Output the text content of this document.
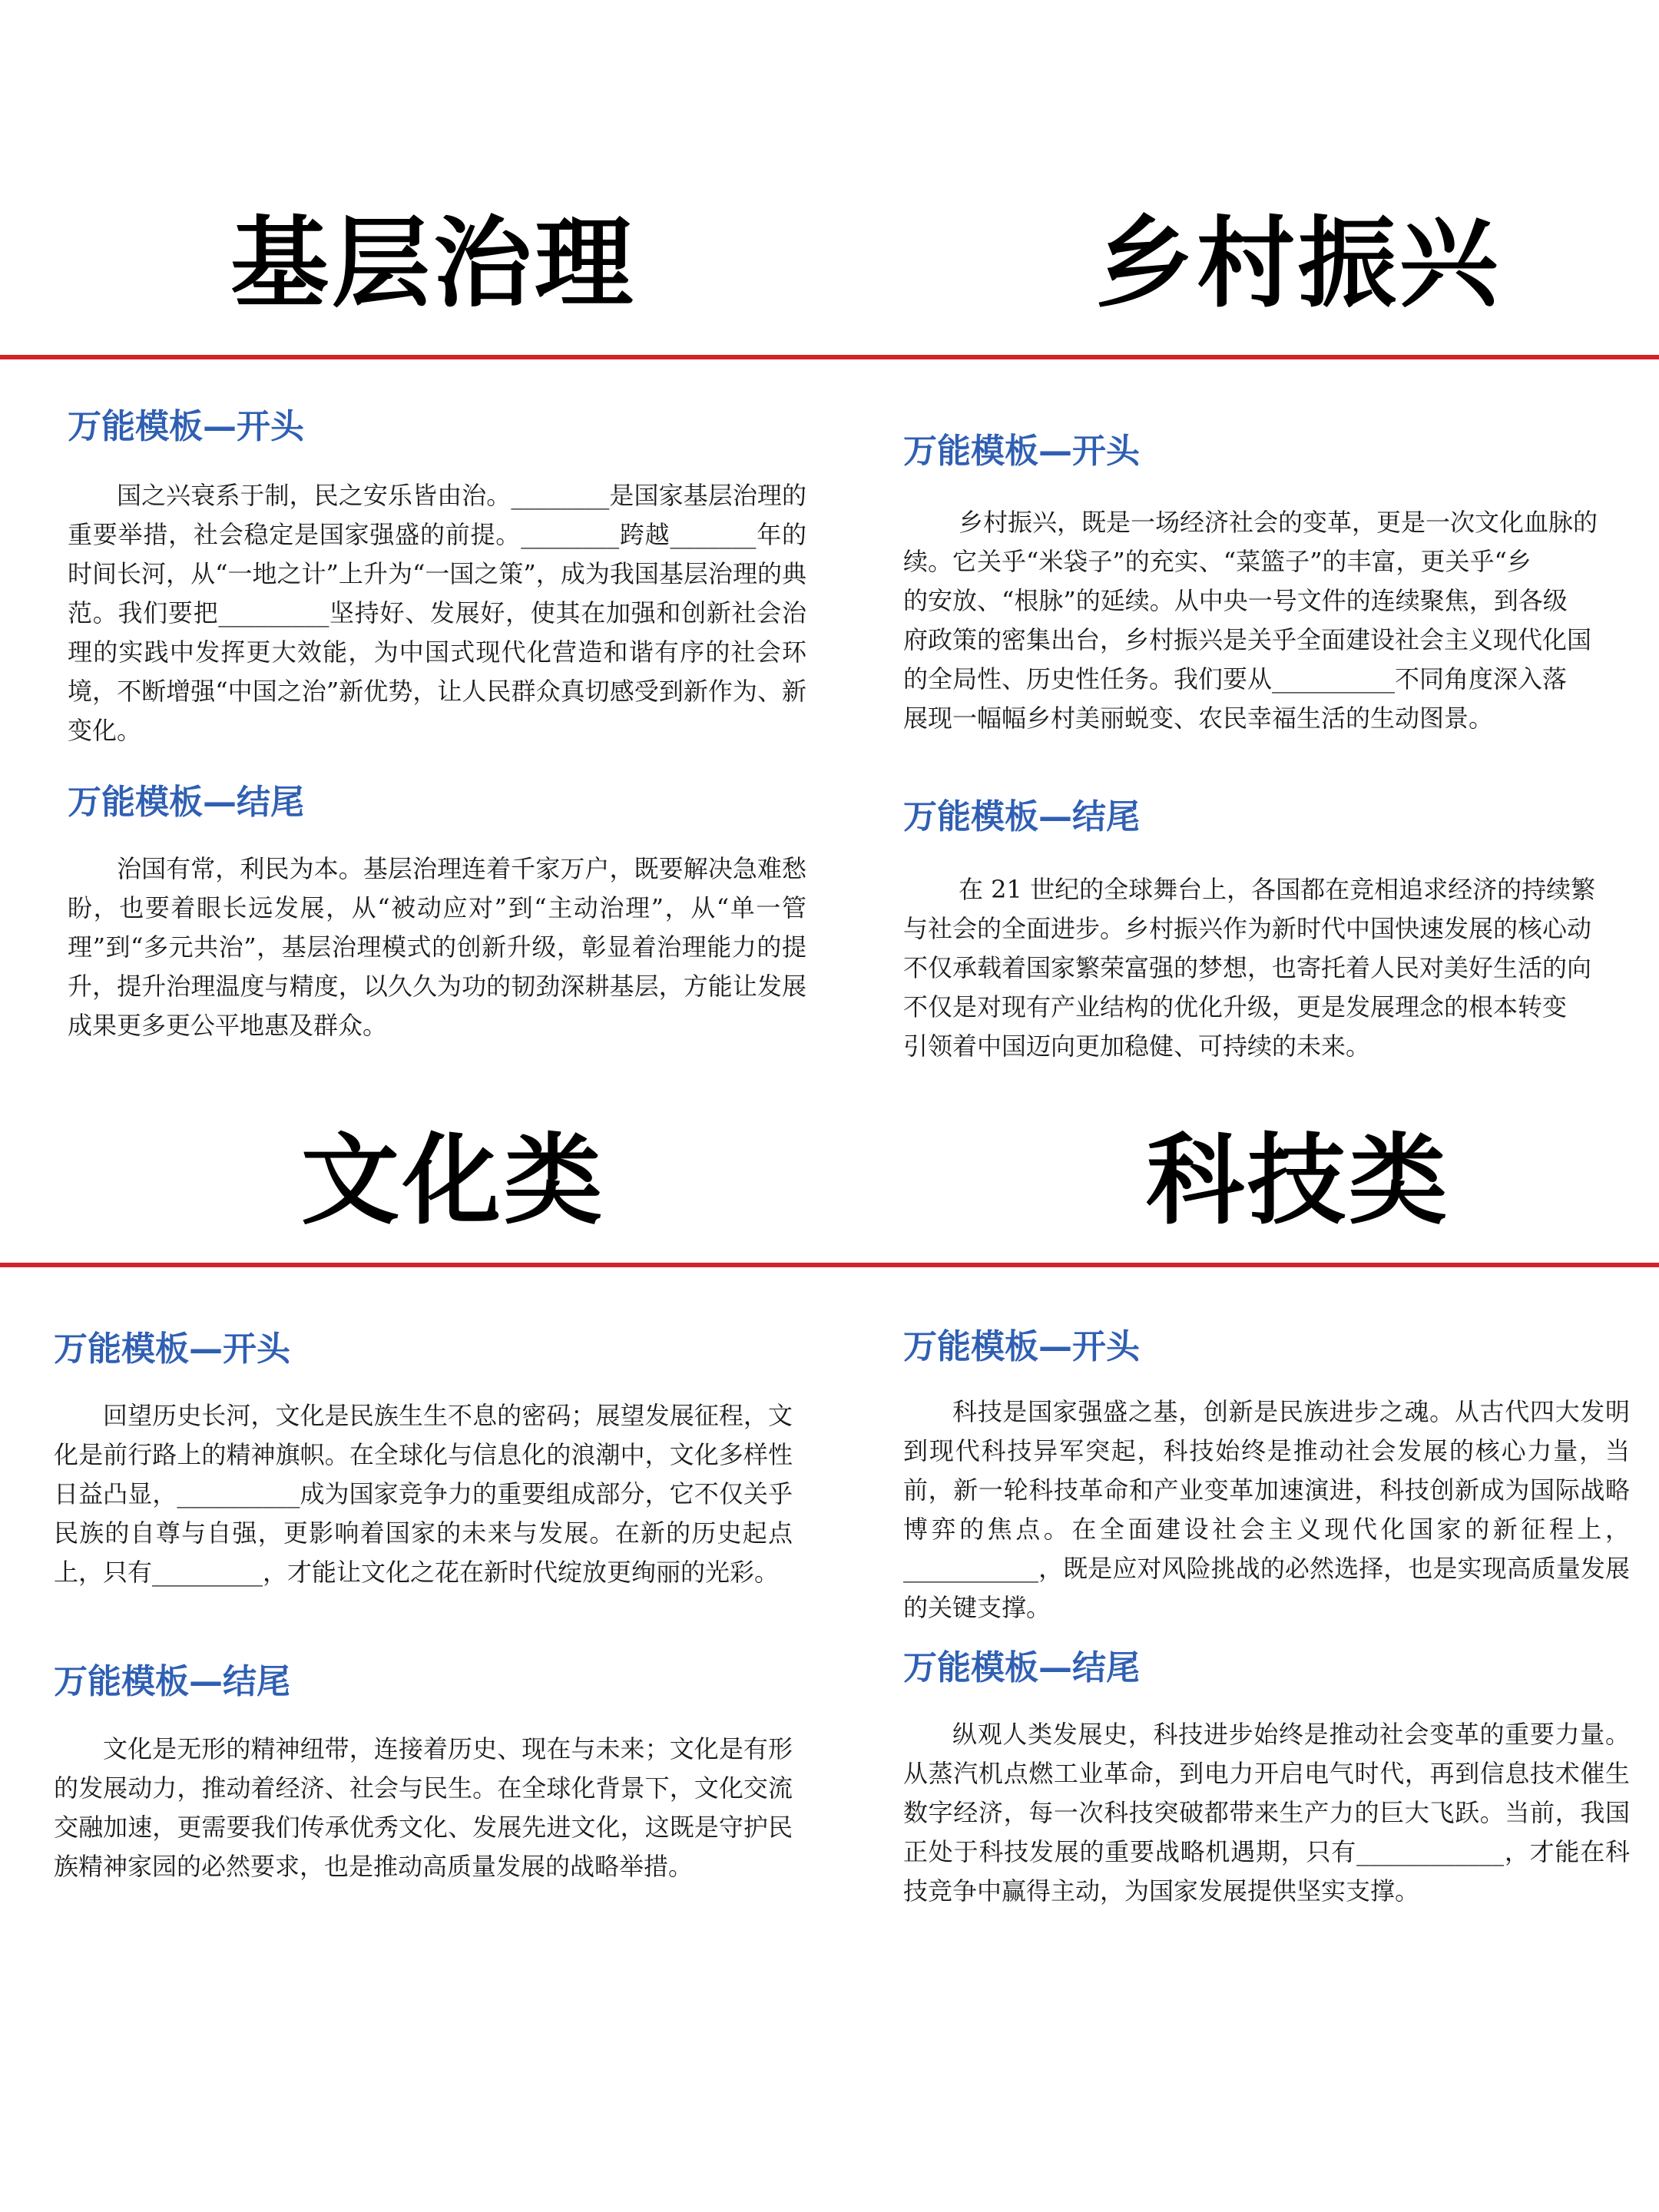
基层治理
万能模板—开头
国之兴衰系于制，民之安乐皆由治。________是国家基层治理的重要举措，社会稳定是国家强盛的前提。________跨越_______年的时间长河，从“一地之计”上升为“一国之策”，成为我国基层治理的典范。我们要把_________坚持好、发展好，使其在加强和创新社会治理的实践中发挥更大效能，为中国式现代化营造和谐有序的社会环境，不断增强“中国之治”新优势，让人民群众真切感受到新作为、新变化。
万能模板—结尾
治国有常，利民为本。基层治理连着千家万户，既要解决急难愁盼，也要着眼长远发展，从“被动应对”到“主动治理”，从“单一管理”到“多元共治”，基层治理模式的创新升级，彰显着治理能力的提升，提升治理温度与精度，以久久为功的韧劲深耕基层，方能让发展成果更多更公平地惠及群众。
乡村振兴
万能模板—开头
乡村振兴，既是一场经济社会的变革，更是一次文化血脉的
续。它关乎“米袋子”的充实、“菜篮子”的丰富，更关乎“乡
的安放、“根脉”的延续。从中央一号文件的连续聚焦，到各级
府政策的密集出台，乡村振兴是关乎全面建设社会主义现代化国
的全局性、历史性任务。我们要从__________不同角度深入落
展现一幅幅乡村美丽蜕变、农民幸福生活的生动图景。
万能模板—结尾
在 21 世纪的全球舞台上，各国都在竞相追求经济的持续繁
与社会的全面进步。乡村振兴作为新时代中国快速发展的核心动
不仅承载着国家繁荣富强的梦想，也寄托着人民对美好生活的向
不仅是对现有产业结构的优化升级，更是发展理念的根本转变
引领着中国迈向更加稳健、可持续的未来。
文化类
万能模板—开头
回望历史长河，文化是民族生生不息的密码；展望发展征程，文化是前行路上的精神旗帜。在全球化与信息化的浪潮中，文化多样性日益凸显，__________成为国家竞争力的重要组成部分，它不仅关乎民族的自尊与自强，更影响着国家的未来与发展。在新的历史起点上，只有_________，才能让文化之花在新时代绽放更绚丽的光彩。
万能模板—结尾
文化是无形的精神纽带，连接着历史、现在与未来；文化是有形的发展动力，推动着经济、社会与民生。在全球化背景下，文化交流交融加速，更需要我们传承优秀文化、发展先进文化，这既是守护民族精神家园的必然要求，也是推动高质量发展的战略举措。
科技类
万能模板—开头
科技是国家强盛之基，创新是民族进步之魂。从古代四大发明到现代科技异军突起，科技始终是推动社会发展的核心力量，当前，新一轮科技革命和产业变革加速演进，科技创新成为国际战略博弈的焦点。在全面建设社会主义现代化国家的新征程上，___________，既是应对风险挑战的必然选择，也是实现高质量发展的关键支撑。
万能模板—结尾
纵观人类发展史，科技进步始终是推动社会变革的重要力量。从蒸汽机点燃工业革命，到电力开启电气时代，再到信息技术催生数字经济，每一次科技突破都带来生产力的巨大飞跃。当前，我国正处于科技发展的重要战略机遇期，只有____________，才能在科技竞争中赢得主动，为国家发展提供坚实支撑。
